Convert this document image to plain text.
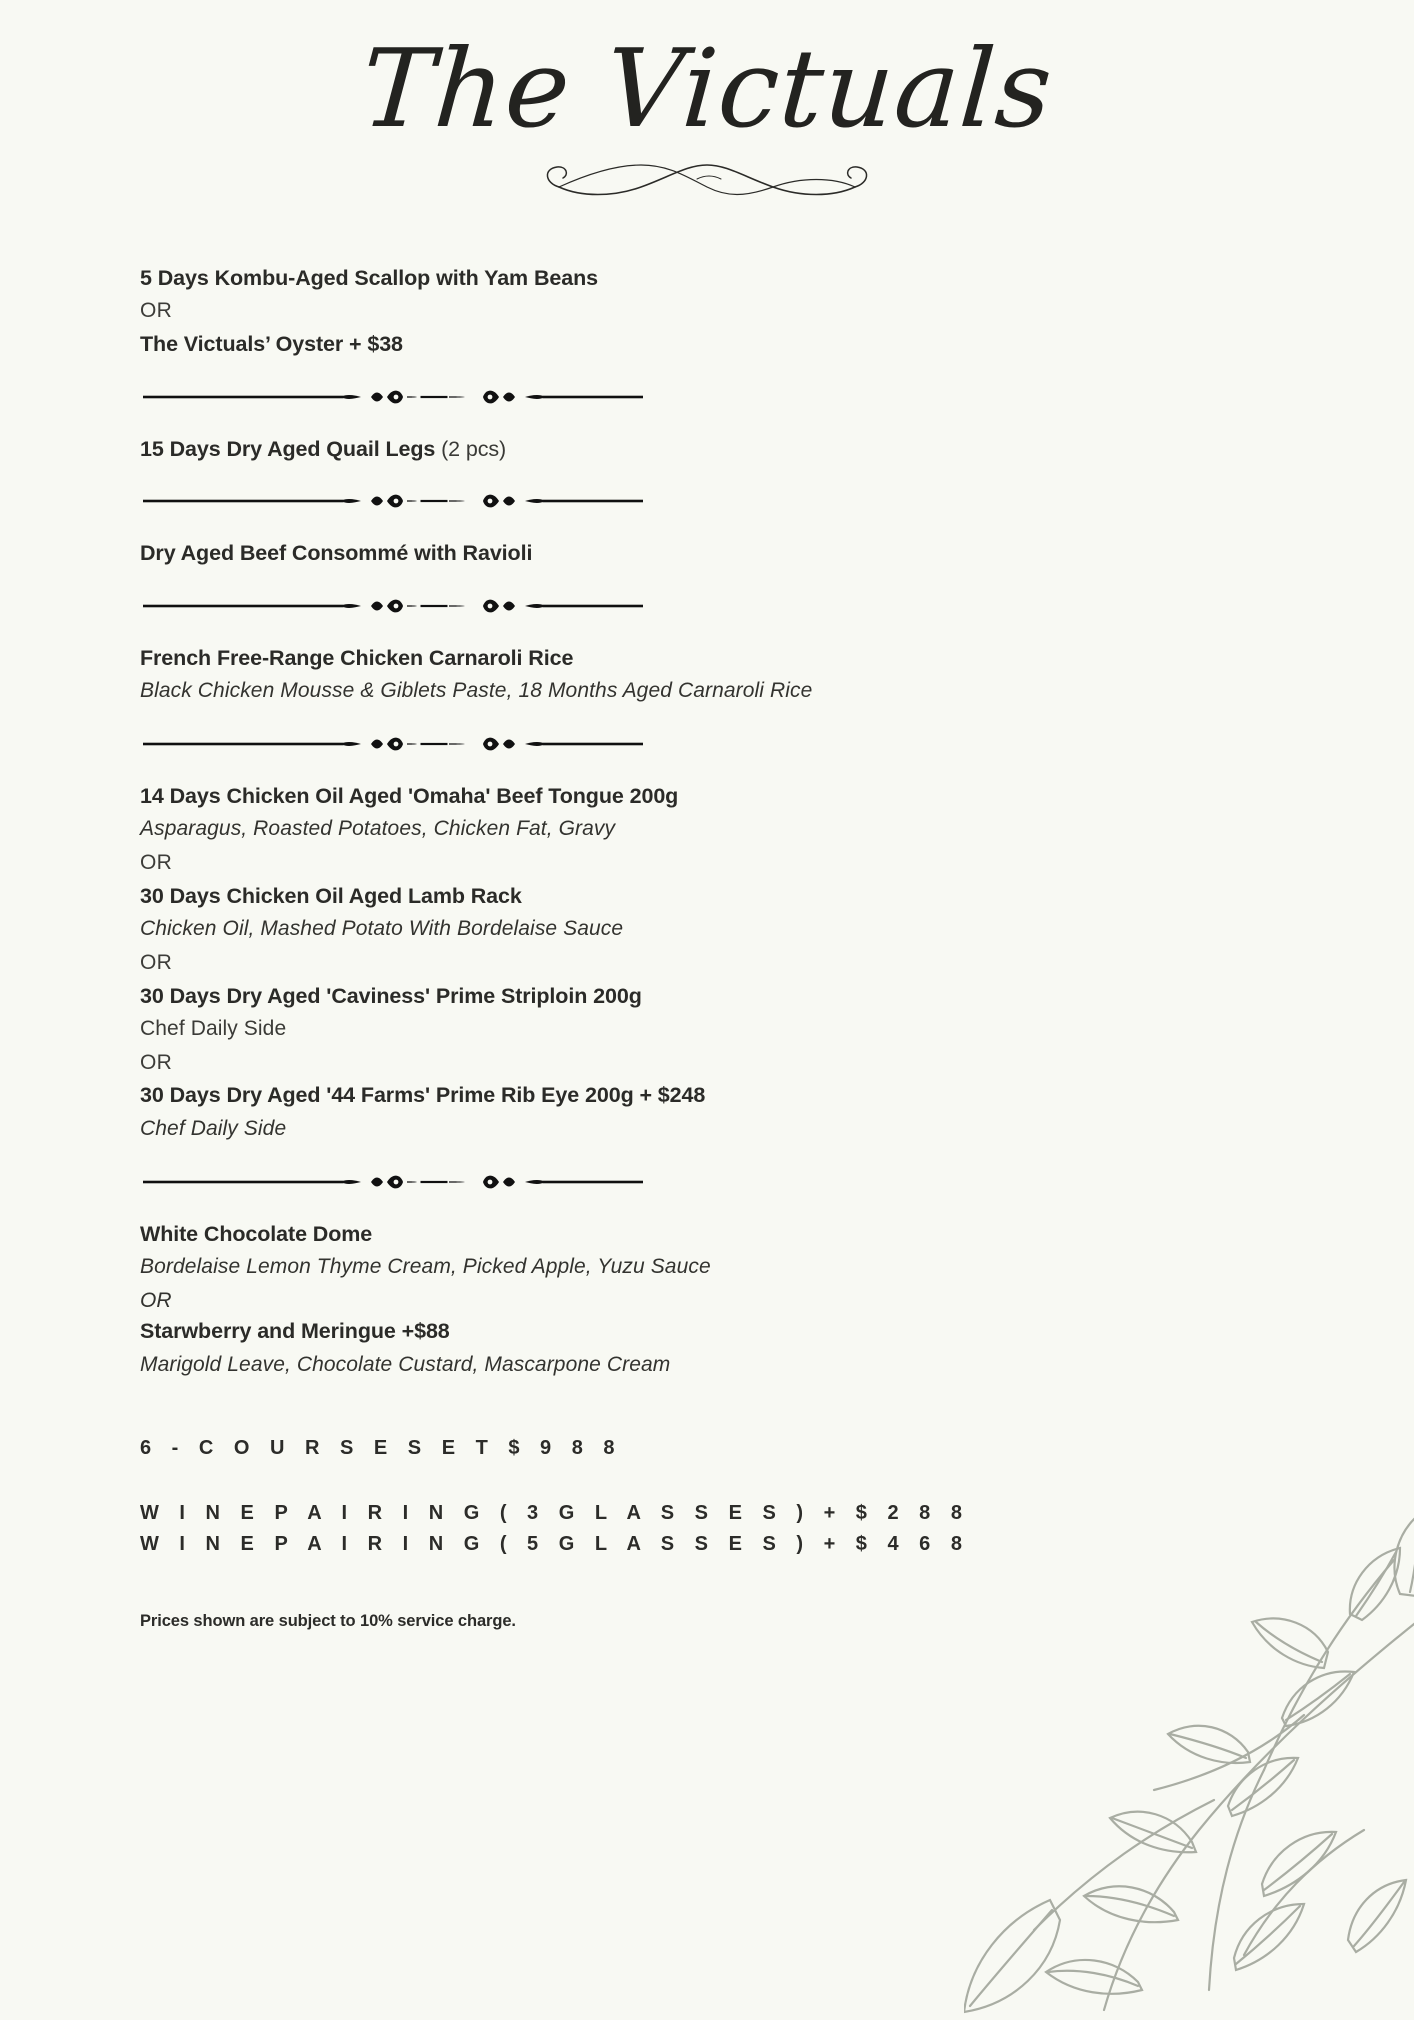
The Victuals

5 Days Kombu-Aged Scallop with Yam Beans

OR

The Victuals’ Oyster + $38

15 Days Dry Aged Quail Legs (2 pcs)

Dry Aged Beef Consommé with Ravioli

French Free-Range Chicken Carnaroli Rice

Black Chicken Mousse & Giblets Paste, 18 Months Aged Carnaroli Rice

14 Days Chicken Oil Aged 'Omaha' Beef Tongue 200g

Asparagus, Roasted Potatoes, Chicken Fat, Gravy

OR

30 Days Chicken Oil Aged Lamb Rack

Chicken Oil, Mashed Potato With Bordelaise Sauce

OR

30 Days Dry Aged 'Caviness' Prime Striploin 200g

Chef Daily Side

OR

30 Days Dry Aged '44 Farms' Prime Rib Eye 200g + $248

Chef Daily Side

White Chocolate Dome

Bordelaise Lemon Thyme Cream, Picked Apple, Yuzu Sauce

OR

Starwberry and Meringue +$88

Marigold Leave, Chocolate Custard, Mascarpone Cream

6 - C O U R S E S E T $ 9 8 8

W I N E P A I R I N G ( 3 G L A S S E S ) + $ 2 8 8

W I N E P A I R I N G ( 5 G L A S S E S ) + $ 4 6 8

Prices shown are subject to 10% service charge.
